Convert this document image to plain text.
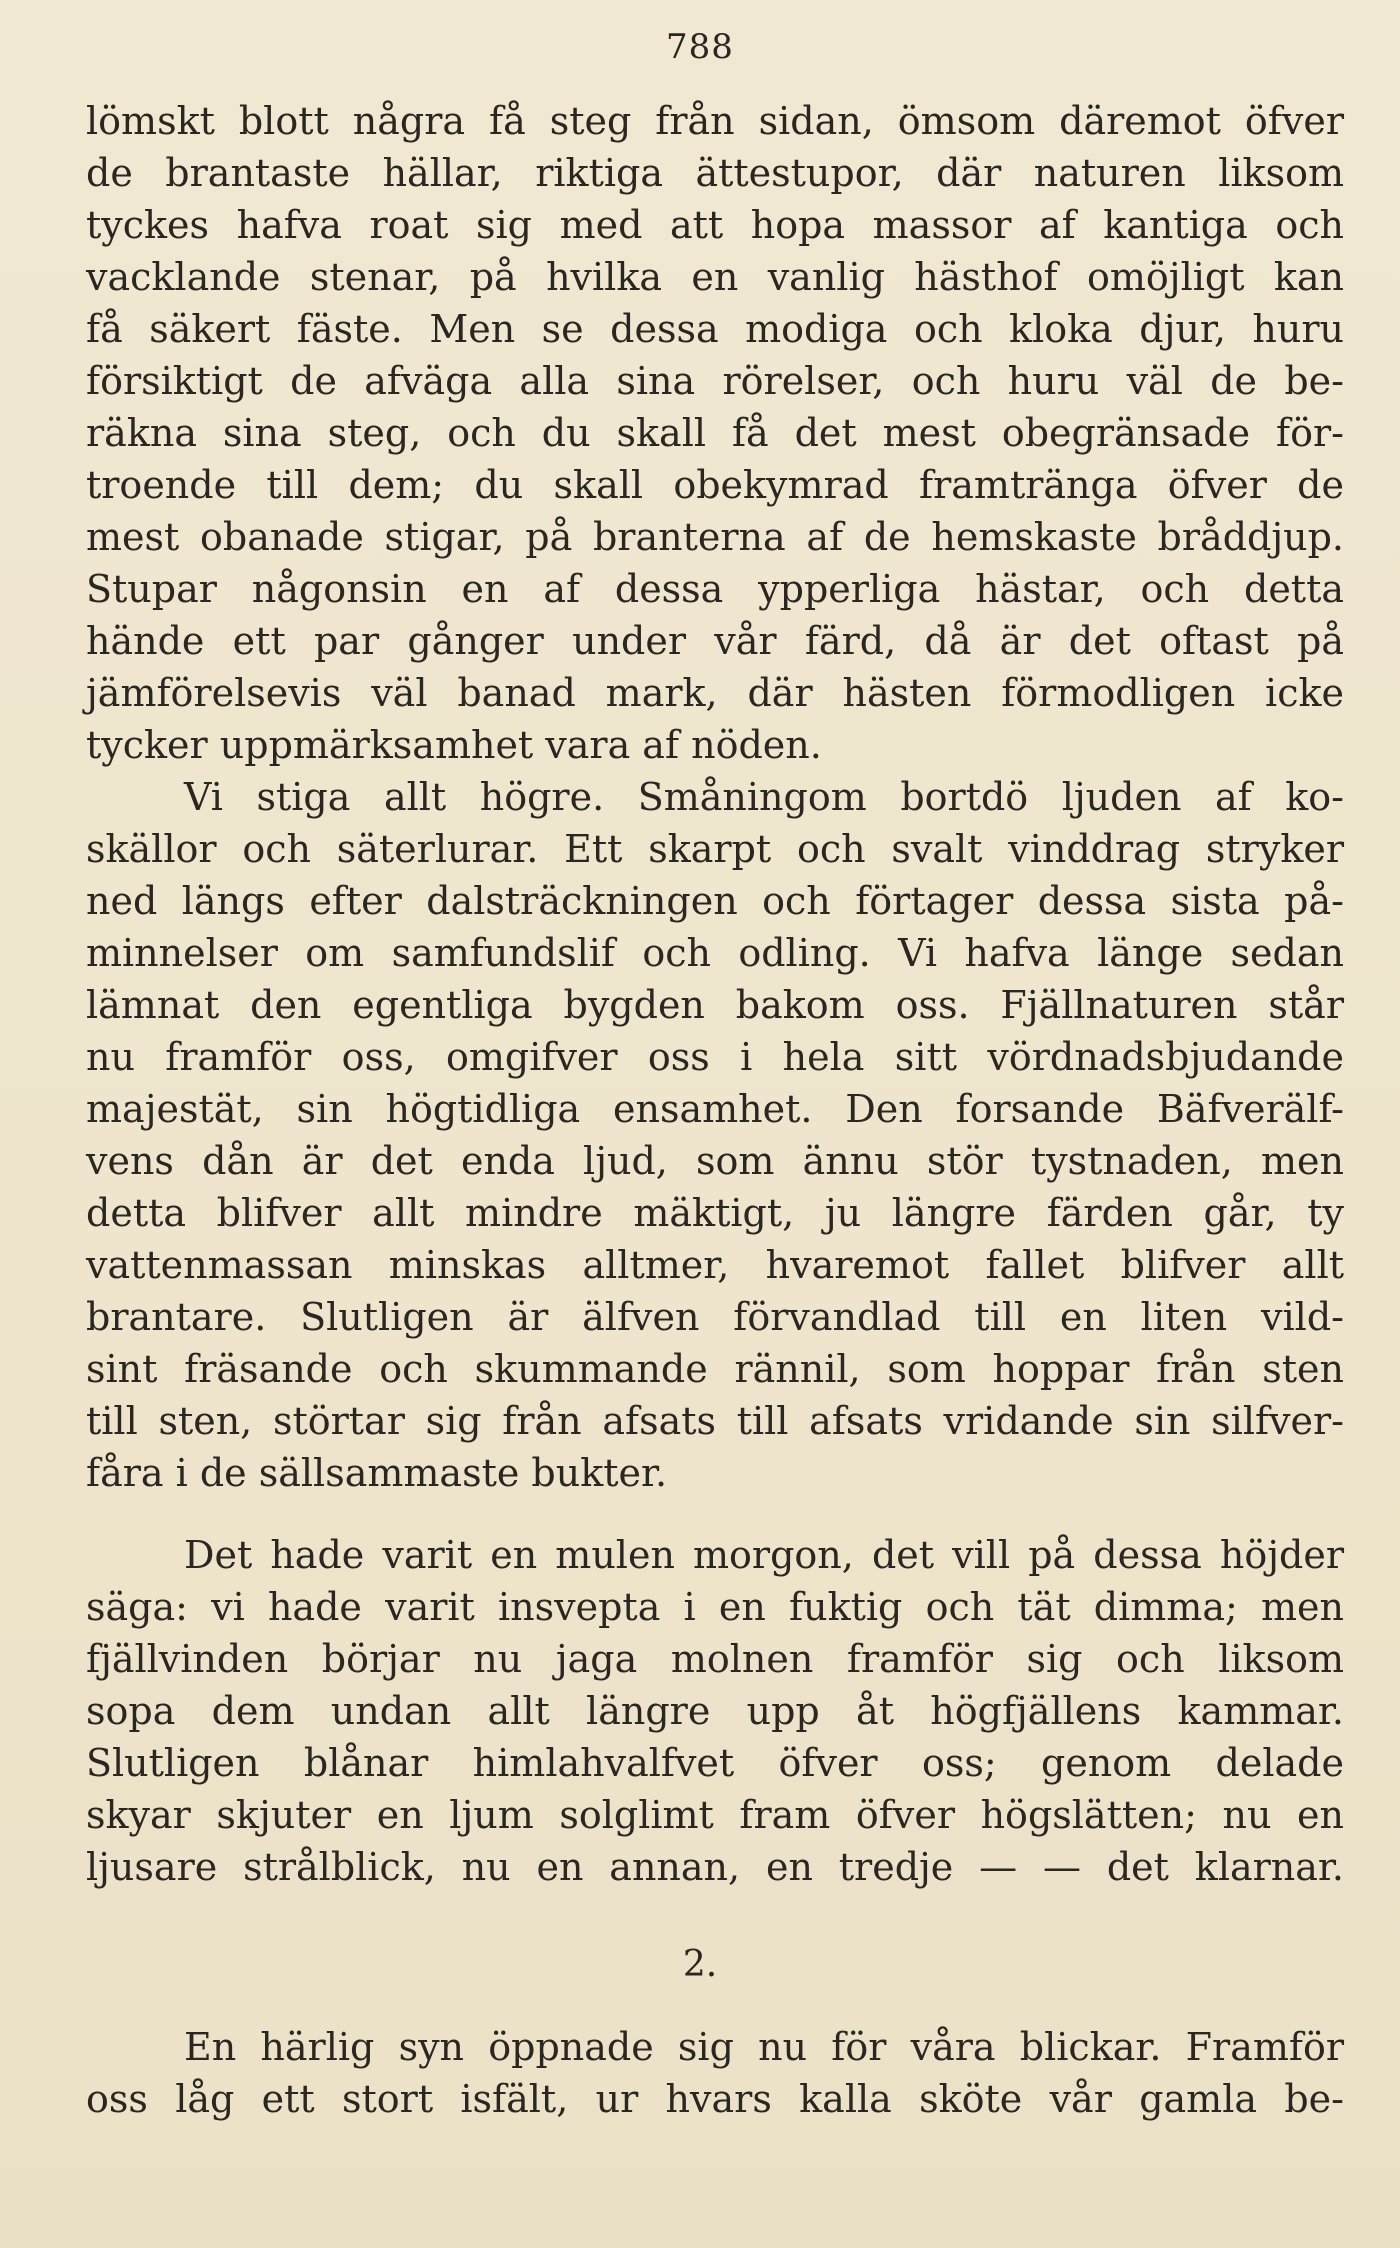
788
lömskt blott några få steg från sidan, ömsom däremot öfver
de brantaste hällar, riktiga ättestupor, där naturen liksom
tyckes hafva roat sig med att hopa massor af kantiga och
vacklande stenar, på hvilka en vanlig hästhof omöjligt kan
få säkert fäste. Men se dessa modiga och kloka djur, huru
försiktigt de afväga alla sina rörelser, och huru väl de be-
räkna sina steg, och du skall få det mest obegränsade för-
troende till dem; du skall obekymrad framtränga öfver de
mest obanade stigar, på branterna af de hemskaste bråddjup.
Stupar någonsin en af dessa ypperliga hästar, och detta
hände ett par gånger under vår färd, då är det oftast på
jämförelsevis väl banad mark, där hästen förmodligen icke
tycker uppmärksamhet vara af nöden.
Vi stiga allt högre. Småningom bortdö ljuden af ko-
skällor och säterlurar. Ett skarpt och svalt vinddrag stryker
ned längs efter dalsträckningen och förtager dessa sista på-
minnelser om samfundslif och odling. Vi hafva länge sedan
lämnat den egentliga bygden bakom oss. Fjällnaturen står
nu framför oss, omgifver oss i hela sitt vördnadsbjudande
majestät, sin högtidliga ensamhet. Den forsande Bäfverälf-
vens dån är det enda ljud, som ännu stör tystnaden, men
detta blifver allt mindre mäktigt, ju längre färden går, ty
vattenmassan minskas alltmer, hvaremot fallet blifver allt
brantare. Slutligen är älfven förvandlad till en liten vild-
sint fräsande och skummande rännil, som hoppar från sten
till sten, störtar sig från afsats till afsats vridande sin silfver-
fåra i de sällsammaste bukter.
Det hade varit en mulen morgon, det vill på dessa höjder
säga: vi hade varit insvepta i en fuktig och tät dimma; men
fjällvinden börjar nu jaga molnen framför sig och liksom
sopa dem undan allt längre upp åt högfjällens kammar.
Slutligen blånar himlahvalfvet öfver oss; genom delade
skyar skjuter en ljum solglimt fram öfver högslätten; nu en
ljusare strålblick, nu en annan, en tredje — — det klarnar.
2.
En härlig syn öppnade sig nu för våra blickar. Framför
oss låg ett stort isfält, ur hvars kalla sköte vår gamla be-
